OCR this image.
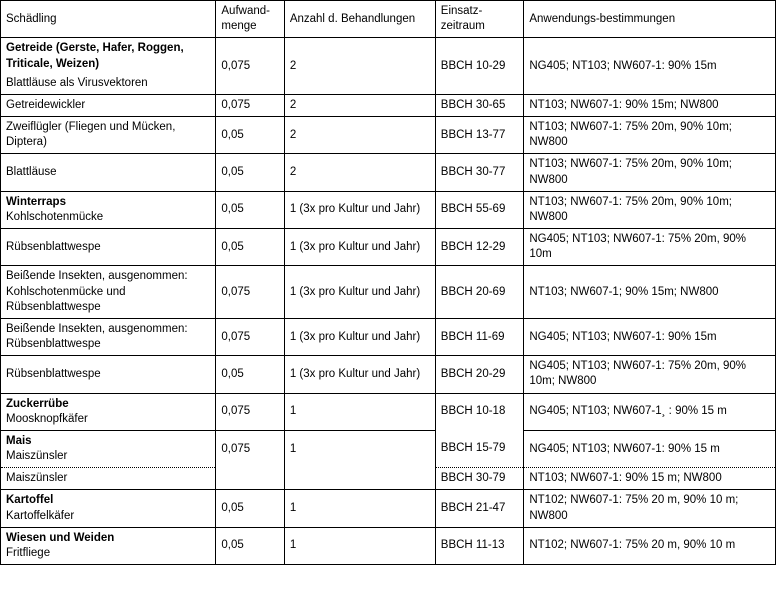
Schädling	Aufwand-menge	Anzahl d. Behandlungen	Einsatz-zeitraum	Anwendungs-bestimmungen

Getreide (Gerste, Hafer, Roggen, Triticale, Weizen)
Blattläuse als Virusvektoren	0,075	2	BBCH 10-29	NG405; NT103; NW607-1: 90% 15m

Getreidewickler	0,075	2	BBCH 30-65	NT103; NW607-1: 90% 15m; NW800

Zweiflügler (Fliegen und Mücken, Diptera)	0,05	2	BBCH 13-77	NT103; NW607-1: 75% 20m, 90% 10m; NW800

Blattläuse	0,05	2	BBCH 30-77	NT103; NW607-1: 75% 20m, 90% 10m; NW800

Winterraps
Kohlschotenmücke	0,05	1 (3x pro Kultur und Jahr)	BBCH 55-69	NT103; NW607-1: 75% 20m, 90% 10m; NW800

Rübsenblattwespe	0,05	1 (3x pro Kultur und Jahr)	BBCH 12-29	NG405; NT103; NW607-1: 75% 20m, 90% 10m
Beißende Insekten, ausgenommen: Kohlschotenmücke und Rübsenblattwespe	0,075	1 (3x pro Kultur und Jahr)	BBCH 20-69	NT103; NW607-1; 90% 15m; NW800
Beißende Insekten, ausgenommen: Rübsenblattwespe	0,075	1 (3x pro Kultur und Jahr)	BBCH 11-69	NG405; NT103; NW607-1: 90% 15m
Rübsenblattwespe	0,05	1 (3x pro Kultur und Jahr)	BBCH 20-29	NG405; NT103; NW607-1: 75% 20m, 90% 10m; NW800

Zuckerrübe
Moosknopfkäfer	0,075	1	BBCH 10-18	NG405; NT103; NW607-1¸ : 90% 15 m

Mais
Maiszünsler	0,075	1	BBCH 15-79	NG405; NT103; NW607-1: 90% 15 m

Maiszünsler			BBCH 30-79	NT103; NW607-1: 90% 15 m; NW800

Kartoffel
Kartoffelkäfer	0,05	1	BBCH 21-47	NT102; NW607-1: 75% 20 m, 90% 10 m; NW800

Wiesen und Weiden
Fritfliege	0,05	1	BBCH 11-13	NT102; NW607-1: 75% 20 m, 90% 10 m
